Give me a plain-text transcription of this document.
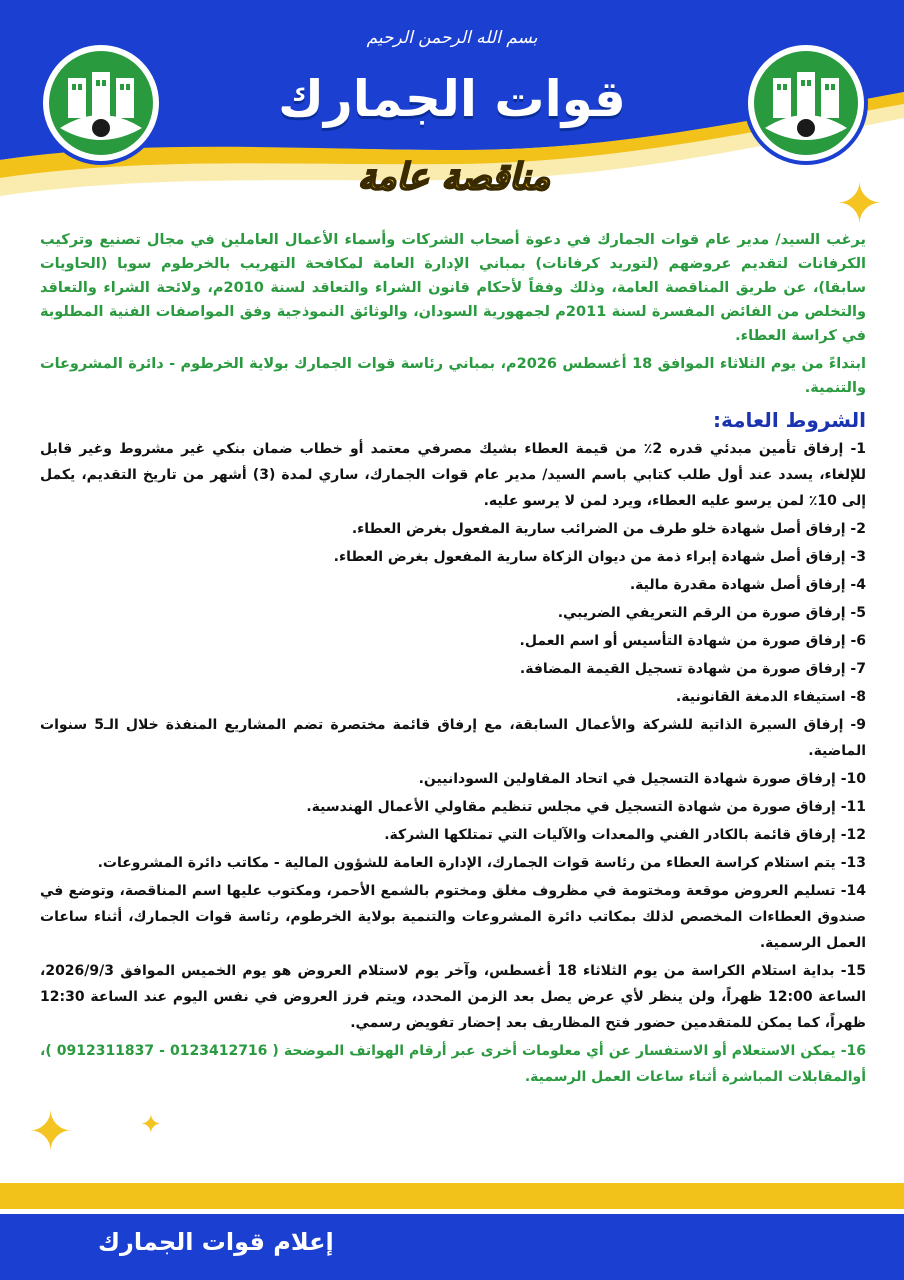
بسم الله الرحمن الرحيم
قوات الجمارك
مناقصة عامة	✦
✦	✦

يرغب السيد/ مدير عام قوات الجمارك في دعوة أصحاب الشركات وأسماء الأعمال العاملين في مجال تصنيع وتركيب الكرفانات لتقديم عروضهم (لتوريد كرفانات) بمباني الإدارة العامة لمكافحة التهريب بالخرطوم سوبا (الحاويات سابقا)، عن طريق المناقصة العامة، وذلك وفقاً لأحكام قانون الشراء والتعاقد لسنة 2010م، ولائحة الشراء والتعاقد والتخلص من الفائض المفسرة لسنة 2011م لجمهورية السودان، والوثائق النموذجية وفق المواصفات الفنية المطلوبة في كراسة العطاء.

ابتداءً من يوم الثلاثاء الموافق 18 أغسطس 2026م، بمباني رئاسة قوات الجمارك بولاية الخرطوم - دائرة المشروعات والتنمية.

الشروط العامة:
1- إرفاق تأمين مبدئي قدره 2٪ من قيمة العطاء بشيك مصرفي معتمد أو خطاب ضمان بنكي غير مشروط وغير قابل للإلغاء، يسدد عند أول طلب كتابي باسم السيد/ مدير عام قوات الجمارك، ساري لمدة (3) أشهر من تاريخ التقديم، يكمل إلى 10٪ لمن يرسو عليه العطاء، ويرد لمن لا يرسو عليه.
2- إرفاق أصل شهادة خلو طرف من الضرائب سارية المفعول بغرض العطاء.
3- إرفاق أصل شهادة إبراء ذمة من ديوان الزكاة سارية المفعول بغرض العطاء.
4- إرفاق أصل شهادة مقدرة مالية.
5- إرفاق صورة من الرقم التعريفي الضريبي.
6- إرفاق صورة من شهادة التأسيس أو اسم العمل.
7- إرفاق صورة من شهادة تسجيل القيمة المضافة.
8- استيفاء الدمغة القانونية.
9- إرفاق السيرة الذاتية للشركة والأعمال السابقة، مع إرفاق قائمة مختصرة تضم المشاريع المنفذة خلال الـ5 سنوات الماضية.
10- إرفاق صورة شهادة التسجيل في اتحاد المقاولين السودانيين.
11- إرفاق صورة من شهادة التسجيل في مجلس تنظيم مقاولي الأعمال الهندسية.
12- إرفاق قائمة بالكادر الفني والمعدات والآليات التي تمتلكها الشركة.
13- يتم استلام كراسة العطاء من رئاسة قوات الجمارك، الإدارة العامة للشؤون المالية - مكاتب دائرة المشروعات.
14- تسليم العروض موقعة ومختومة في مظروف مغلق ومختوم بالشمع الأحمر، ومكتوب عليها اسم المناقصة، وتوضع في صندوق العطاءات المخصص لذلك بمكاتب دائرة المشروعات والتنمية بولاية الخرطوم، رئاسة قوات الجمارك، أثناء ساعات العمل الرسمية.
15- بداية استلام الكراسة من يوم الثلاثاء 18 أغسطس، وآخر يوم لاستلام العروض هو يوم الخميس الموافق 2026/9/3، الساعة 12:00 ظهراً، ولن ينظر لأي عرض يصل بعد الزمن المحدد، ويتم فرز العروض في نفس اليوم عند الساعة 12:30 ظهراً، كما يمكن للمتقدمين حضور فتح المظاريف بعد إحضار تفويض رسمي.
16- يمكن الاستعلام أو الاستفسار عن أي معلومات أخرى عبر أرقام الهواتف الموضحة ( 0123412716 - 0912311837 )، أوالمقابلات المباشرة أثناء ساعات العمل الرسمية.
إعلام قوات الجمارك
